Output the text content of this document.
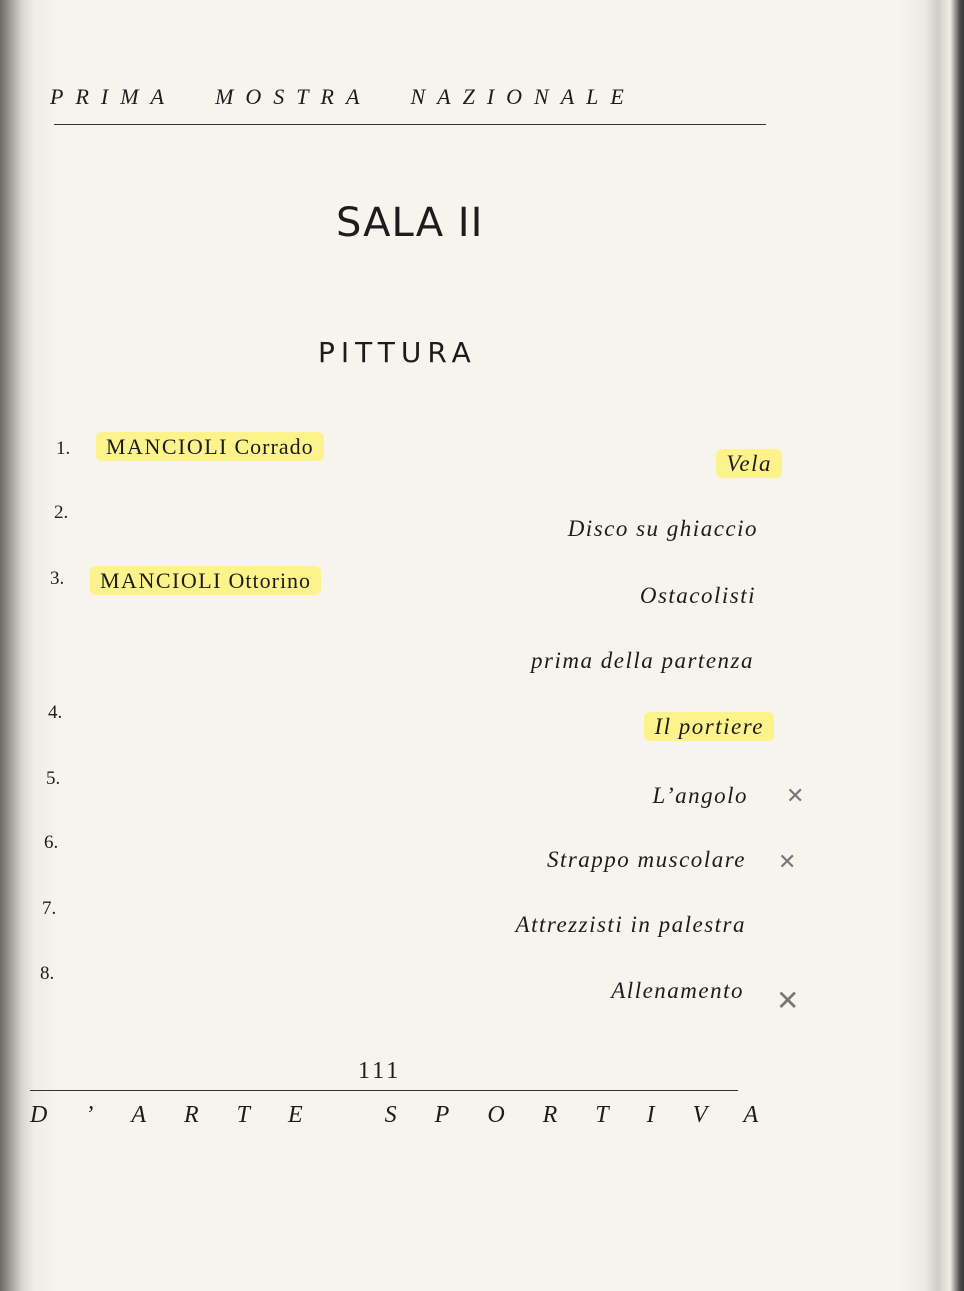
PRIMA MOSTRA NAZIONALE
SALA II
PITTURA
1.	MANCIOLI Corrado
Vela
2.
Disco su ghiaccio
3.	MANCIOLI Ottorino
Ostacolisti
prima della partenza
4.
Il portiere
5.
L’angolo ✕
6.
Strappo muscolare ✕
7.
Attrezzisti in palestra
8.
Allenamento ✕
111
D’ARTE SPORTIVA
